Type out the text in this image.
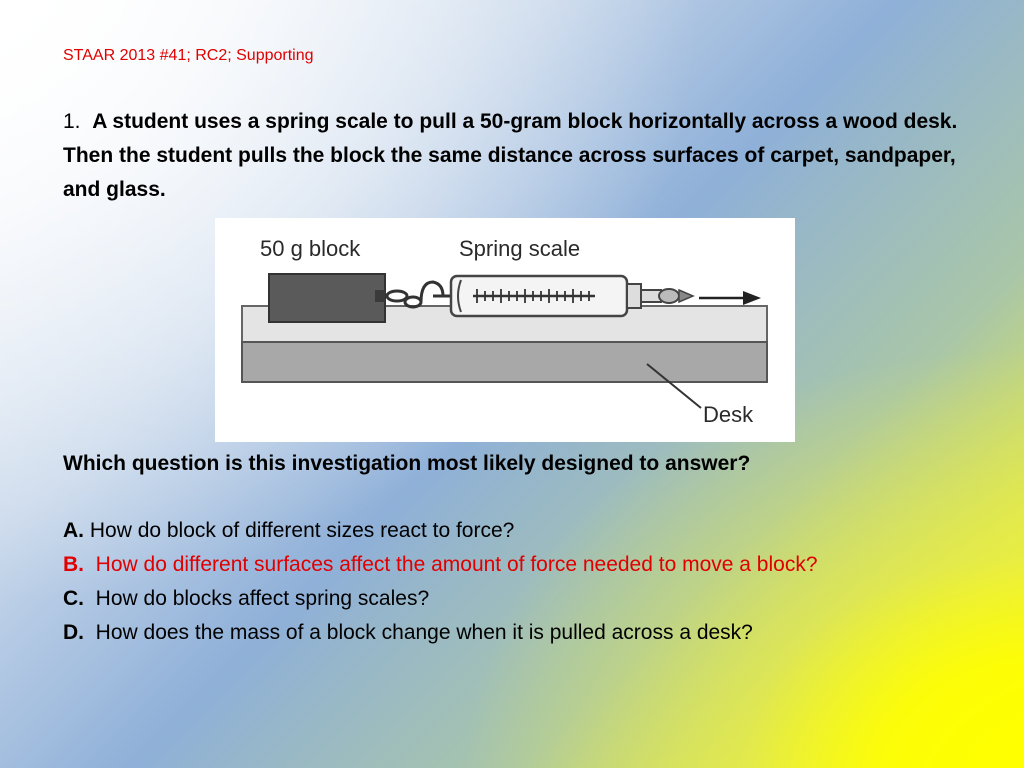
STAAR 2013 #41; RC2; Supporting
1. A student uses a spring scale to pull a 50-gram block horizontally across a wood desk. Then the student pulls the block the same distance across surfaces of carpet, sandpaper, and glass.
50 g block	Spring scale
Desk
Which question is this investigation most likely designed to answer?
A. How do block of different sizes react to force?
B. How do different surfaces affect the amount of force needed to move a block?
C. How do blocks affect spring scales?
D. How does the mass of a block change when it is pulled across a desk?
